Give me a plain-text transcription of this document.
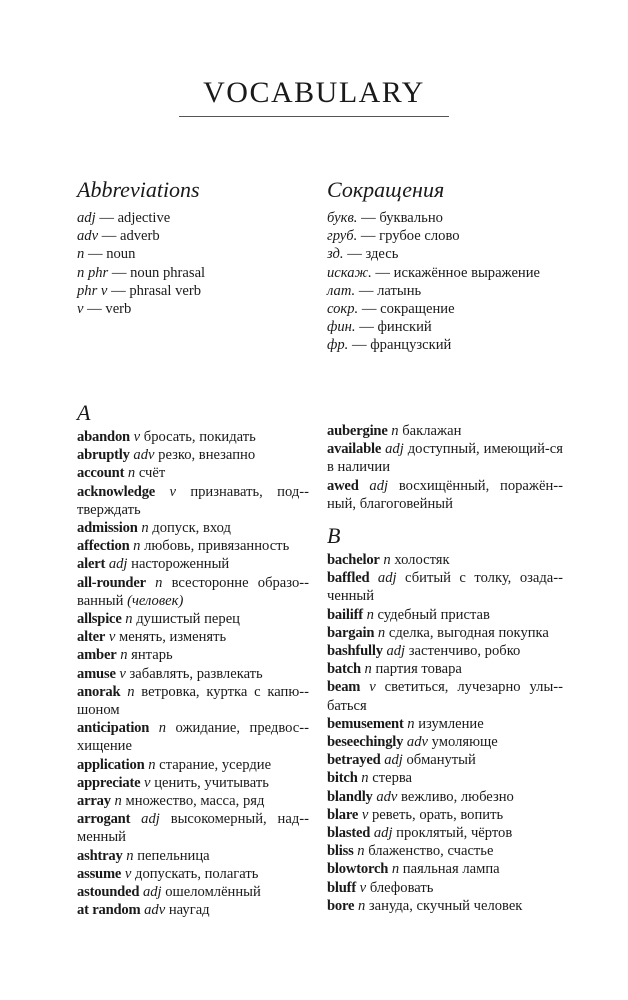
VOCABULARY
Abbreviations
adj — adjective
adv — adverb
n — noun
n phr — noun phrasal
phr v — phrasal verb
v — verb
Сокращения
букв. — буквально
груб. — грубое слово
зд. — здесь
искаж. — искажённое выражение
лат. — латынь
сокр. — сокращение
фин. — финский
фр. — французский
A
abandon v бросать, покидать
abruptly adv резко, внезапно
account n счёт
acknowledge v признавать, под-тверждать
admission n допуск, вход
affection n любовь, привязанность
alert adj настороженный
all-rounder n всесторонне образо-ванный (человек)
allspice n душистый перец
alter v менять, изменять
amber n янтарь
amuse v забавлять, развлекать
anorak n ветровка, куртка с капю-шоном
anticipation n ожидание, предвос-хищение
application n старание, усердие
appreciate v ценить, учитывать
array n множество, масса, ряд
arrogant adj высокомерный, над-менный
ashtray n пепельница
assume v допускать, полагать
astounded adj ошеломлённый
at random adv наугад
aubergine n баклажан
available adj доступный, имеющий-ся в наличии
awed adj восхищённый, поражён-ный, благоговейный
B
bachelor n холостяк
baffled adj сбитый с толку, озада-ченный
bailiff n судебный пристав
bargain n сделка, выгодная покупка
bashfully adj застенчиво, робко
batch n партия товара
beam v светиться, лучезарно улы-баться
bemusement n изумление
beseechingly adv умоляюще
betrayed adj обманутый
bitch n стерва
blandly adv вежливо, любезно
blare v реветь, орать, вопить
blasted adj проклятый, чёртов
bliss n блаженство, счастье
blowtorch n паяльная лампа
bluff v блефовать
bore n зануда, скучный человек
